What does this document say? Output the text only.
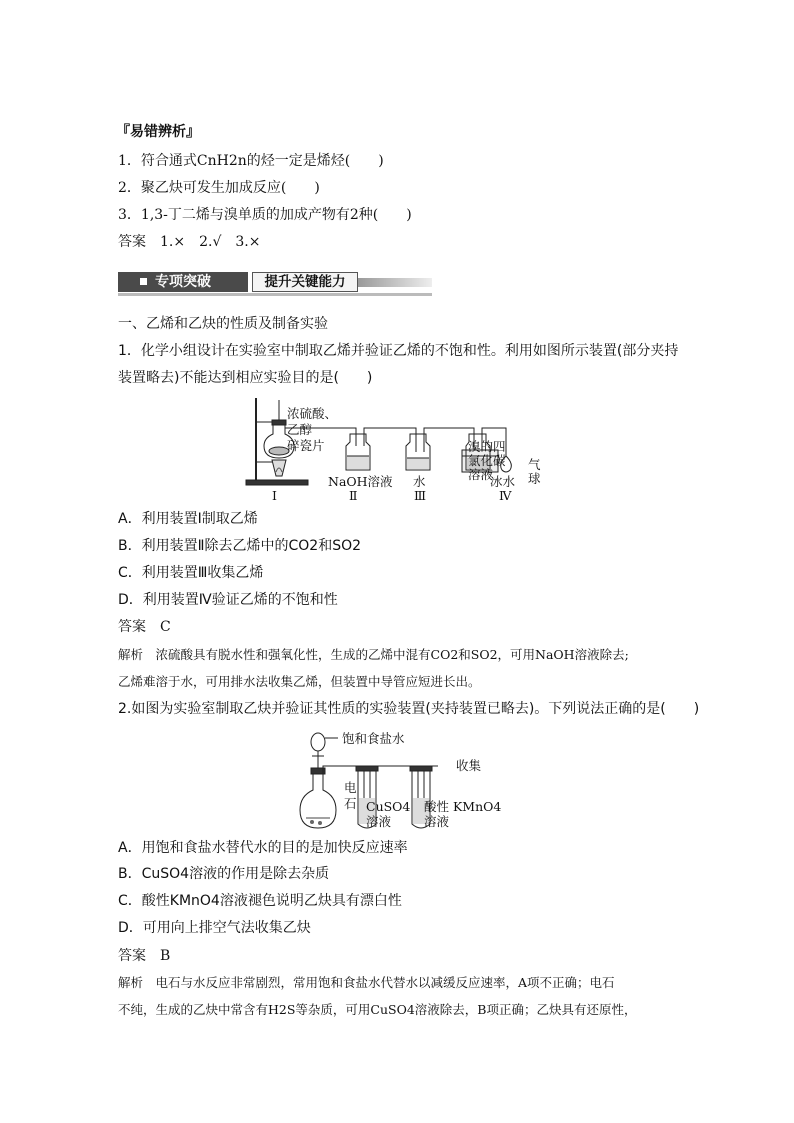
『易错辨析』
1．符合通式CnH2n的烃一定是烯烃(　　)
2．聚乙炔可发生加成反应(　　)
3．1,3-丁二烯与溴单质的加成产物有2种(　　)
答案　1.×　2.√　3.×
专项突破	提升关键能力
一、乙烯和乙炔的性质及制备实验
1．化学小组设计在实验室中制取乙烯并验证乙烯的不饱和性。利用如图所示装置(部分夹持
装置略去)不能达到相应实验目的是(　　)
浓硫酸、
乙醇
碎瓷片	溴的四
氯化碳
溶液
气
球
NaOH溶液 水	冰水
Ⅰ	Ⅱ	Ⅲ	Ⅳ
A．利用装置Ⅰ制取乙烯
B．利用装置Ⅱ除去乙烯中的CO2和SO2
C．利用装置Ⅲ收集乙烯
D．利用装置Ⅳ验证乙烯的不饱和性
答案　C
解析　浓硫酸具有脱水性和强氧化性，生成的乙烯中混有CO2和SO2，可用NaOH溶液除去;
乙烯难溶于水，可用排水法收集乙烯，但装置中导管应短进长出。
2.如图为实验室制取乙炔并验证其性质的实验装置(夹持装置已略去)。下列说法正确的是(　　)
饱和食盐水
收集
电
石 CuSO4
溶液
酸性 KMnO4
溶液
A．用饱和食盐水替代水的目的是加快反应速率
B．CuSO4溶液的作用是除去杂质
C．酸性KMnO4溶液褪色说明乙炔具有漂白性
D．可用向上排空气法收集乙炔
答案　B
解析　电石与水反应非常剧烈，常用饱和食盐水代替水以减缓反应速率，A项不正确；电石
不纯，生成的乙炔中常含有H2S等杂质，可用CuSO4溶液除去，B项正确；乙炔具有还原性，
